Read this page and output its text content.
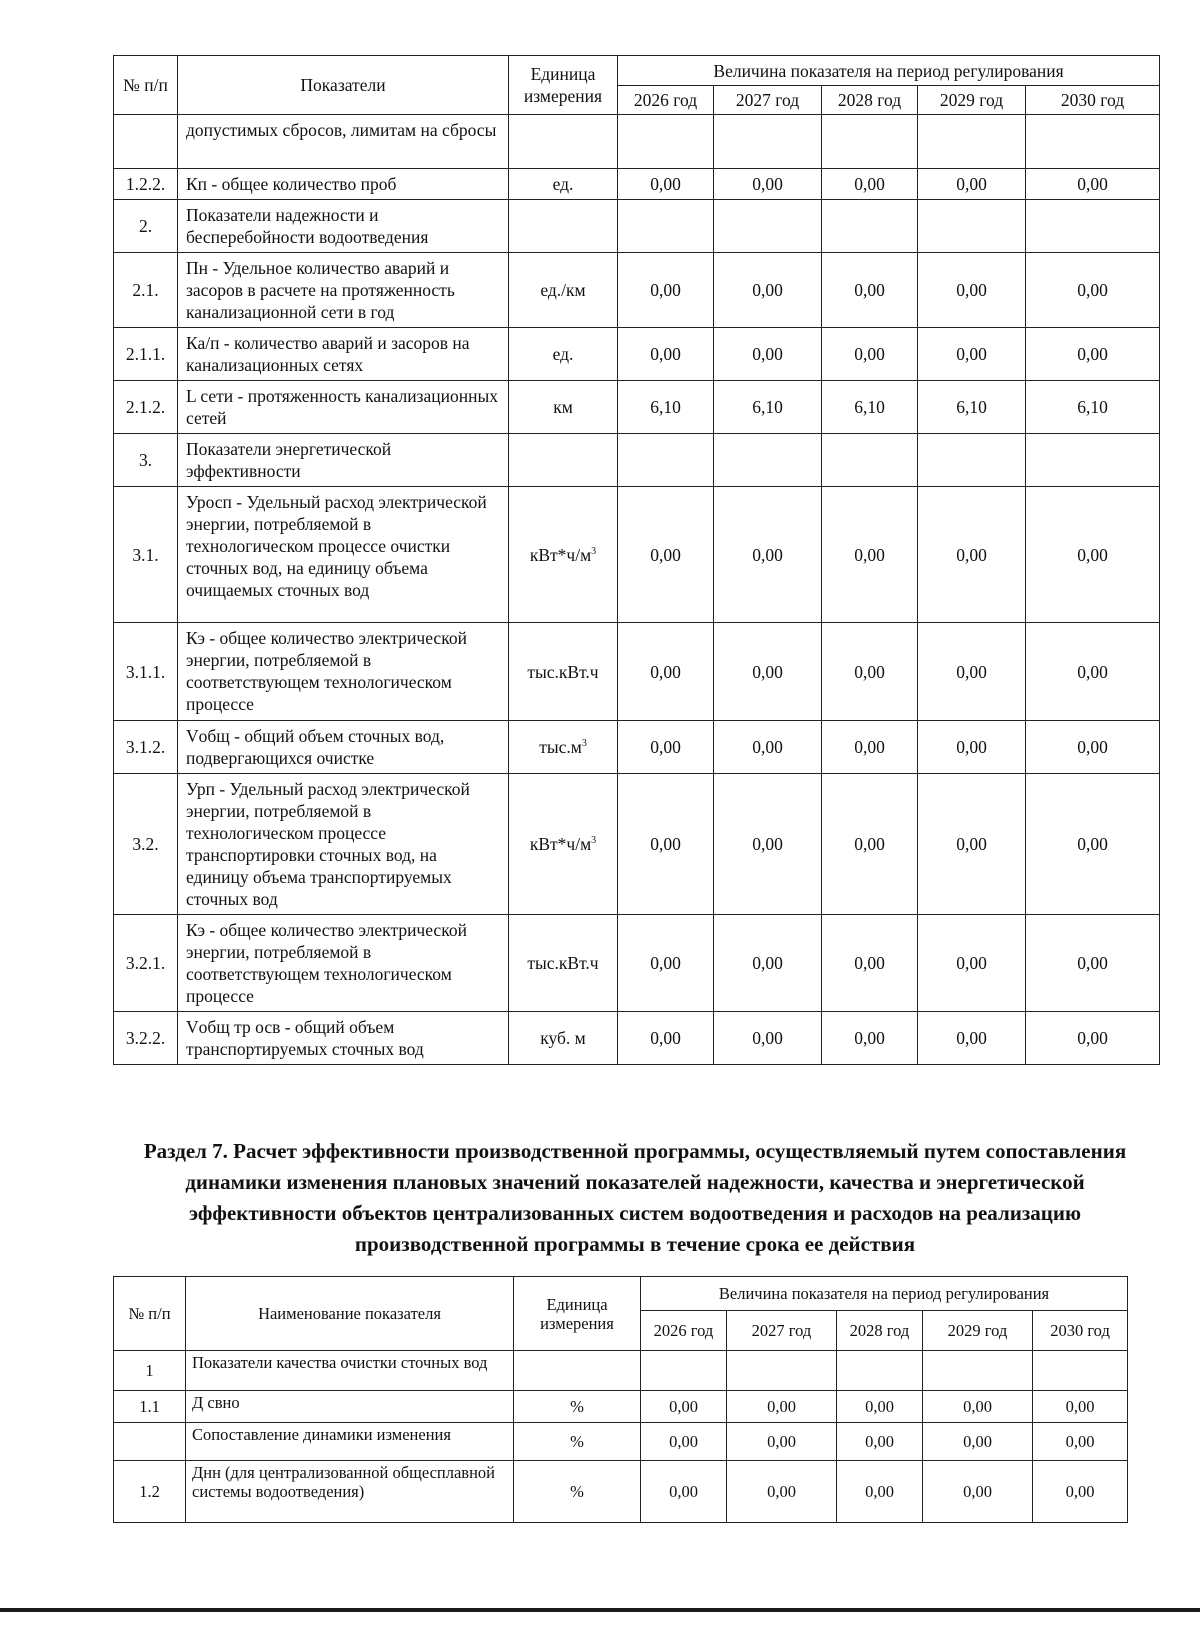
№ п/п	Показатели	Единица измерения	Величина показателя на период регулирования				
			2026 год	2027 год	2028 год	2029 год	2030 год
	допустимых сбросов, лимитам на сбросы						
1.2.2.	Кп - общее количество проб	ед.	0,00	0,00	0,00	0,00	0,00
2.	Показатели надежности и бесперебойности водоотведения						
2.1.	Пн - Удельное количество аварий и засоров в расчете на протяженность канализационной сети в год	ед./км	0,00	0,00	0,00	0,00	0,00
2.1.1.	Ка/п - количество аварий и засоров на канализационных сетях	ед.	0,00	0,00	0,00	0,00	0,00
2.1.2.	L сети - протяженность канализационных сетей	км	6,10	6,10	6,10	6,10	6,10
3.	Показатели энергетической эффективности						
3.1.	Уросп - Удельный расход электрической энергии, потребляемой в технологическом процессе очистки сточных вод, на единицу объема очищаемых сточных вод	$кВт*ч/м^3$	0,00	0,00	0,00	0,00	0,00
3.1.1.	Кэ - общее количество электрической энергии, потребляемой в соответствующем технологическом процессе	тыс.кВт.ч	0,00	0,00	0,00	0,00	0,00
3.1.2.	Vобщ - общий объем сточных вод, подвергающихся очистке	$тыс.м^3$	0,00	0,00	0,00	0,00	0,00
3.2.	Урп - Удельный расход электрической энергии, потребляемой в технологическом процессе транспортировки сточных вод, на единицу объема транспортируемых сточных вод	$кВт*ч/м^3$	0,00	0,00	0,00	0,00	0,00
3.2.1.	Кэ - общее количество электрической энергии, потребляемой в соответствующем технологическом процессе	тыс.кВт.ч	0,00	0,00	0,00	0,00	0,00
3.2.2.	Vобщ тр осв - общий объем транспортируемых сточных вод	куб. м	0,00	0,00	0,00	0,00	0,00
Раздел 7. Расчет эффективности производственной программы, осуществляемый путем сопоставления динамики изменения плановых значений показателей надежности, качества и энергетической эффективности объектов централизованных систем водоотведения и расходов на реализацию производственной программы в течение срока ее действия
№ п/п	Наименование показателя	Единица измерения	Величина показателя на период регулирования				
			2026 год	2027 год	2028 год	2029 год	2030 год
1	Показатели качества очистки сточных вод						
1.1	Д свно	%	0,00	0,00	0,00	0,00	0,00
	Сопоставление динамики изменения	%	0,00	0,00	0,00	0,00	0,00
1.2	Днн (для централизованной общесплавной системы водоотведения)	%	0,00	0,00	0,00	0,00	0,00
